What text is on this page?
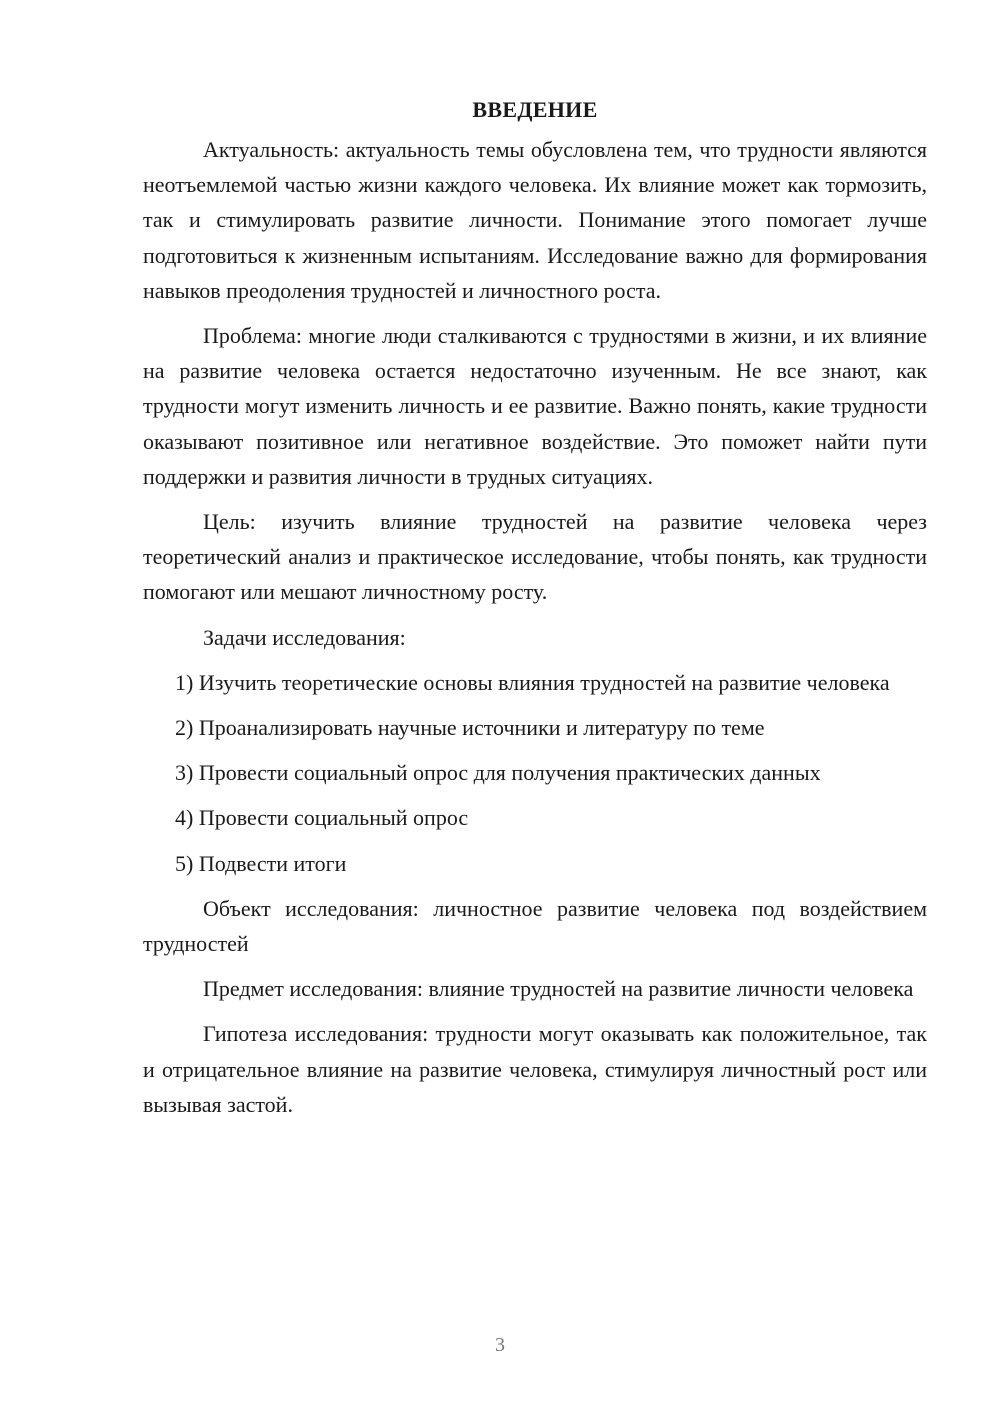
ВВЕДЕНИЕ

Актуальность: актуальность темы обусловлена тем, что трудности являются неотъемлемой частью жизни каждого человека. Их влияние может как тормозить, так и стимулировать развитие личности. Понимание этого помогает лучше подготовиться к жизненным испытаниям. Исследование важно для формирования навыков преодоления трудностей и личностного роста.

Проблема: многие люди сталкиваются с трудностями в жизни, и их влияние на развитие человека остается недостаточно изученным. Не все знают, как трудности могут изменить личность и ее развитие. Важно понять, какие трудности оказывают позитивное или негативное воздействие. Это поможет найти пути поддержки и развития личности в трудных ситуациях.

Цель: изучить влияние трудностей на развитие человека через теоретический анализ и практическое исследование, чтобы понять, как трудности помогают или мешают личностному росту.

Задачи исследования:

1) Изучить теоретические основы влияния трудностей на развитие человека

2) Проанализировать научные источники и литературу по теме

3) Провести социальный опрос для получения практических данных

4) Провести социальный опрос

5) Подвести итоги

Объект исследования: личностное развитие человека под воздействием трудностей

Предмет исследования: влияние трудностей на развитие личности человека

Гипотеза исследования: трудности могут оказывать как положительное, так и отрицательное влияние на развитие человека, стимулируя личностный рост или вызывая застой.

3
